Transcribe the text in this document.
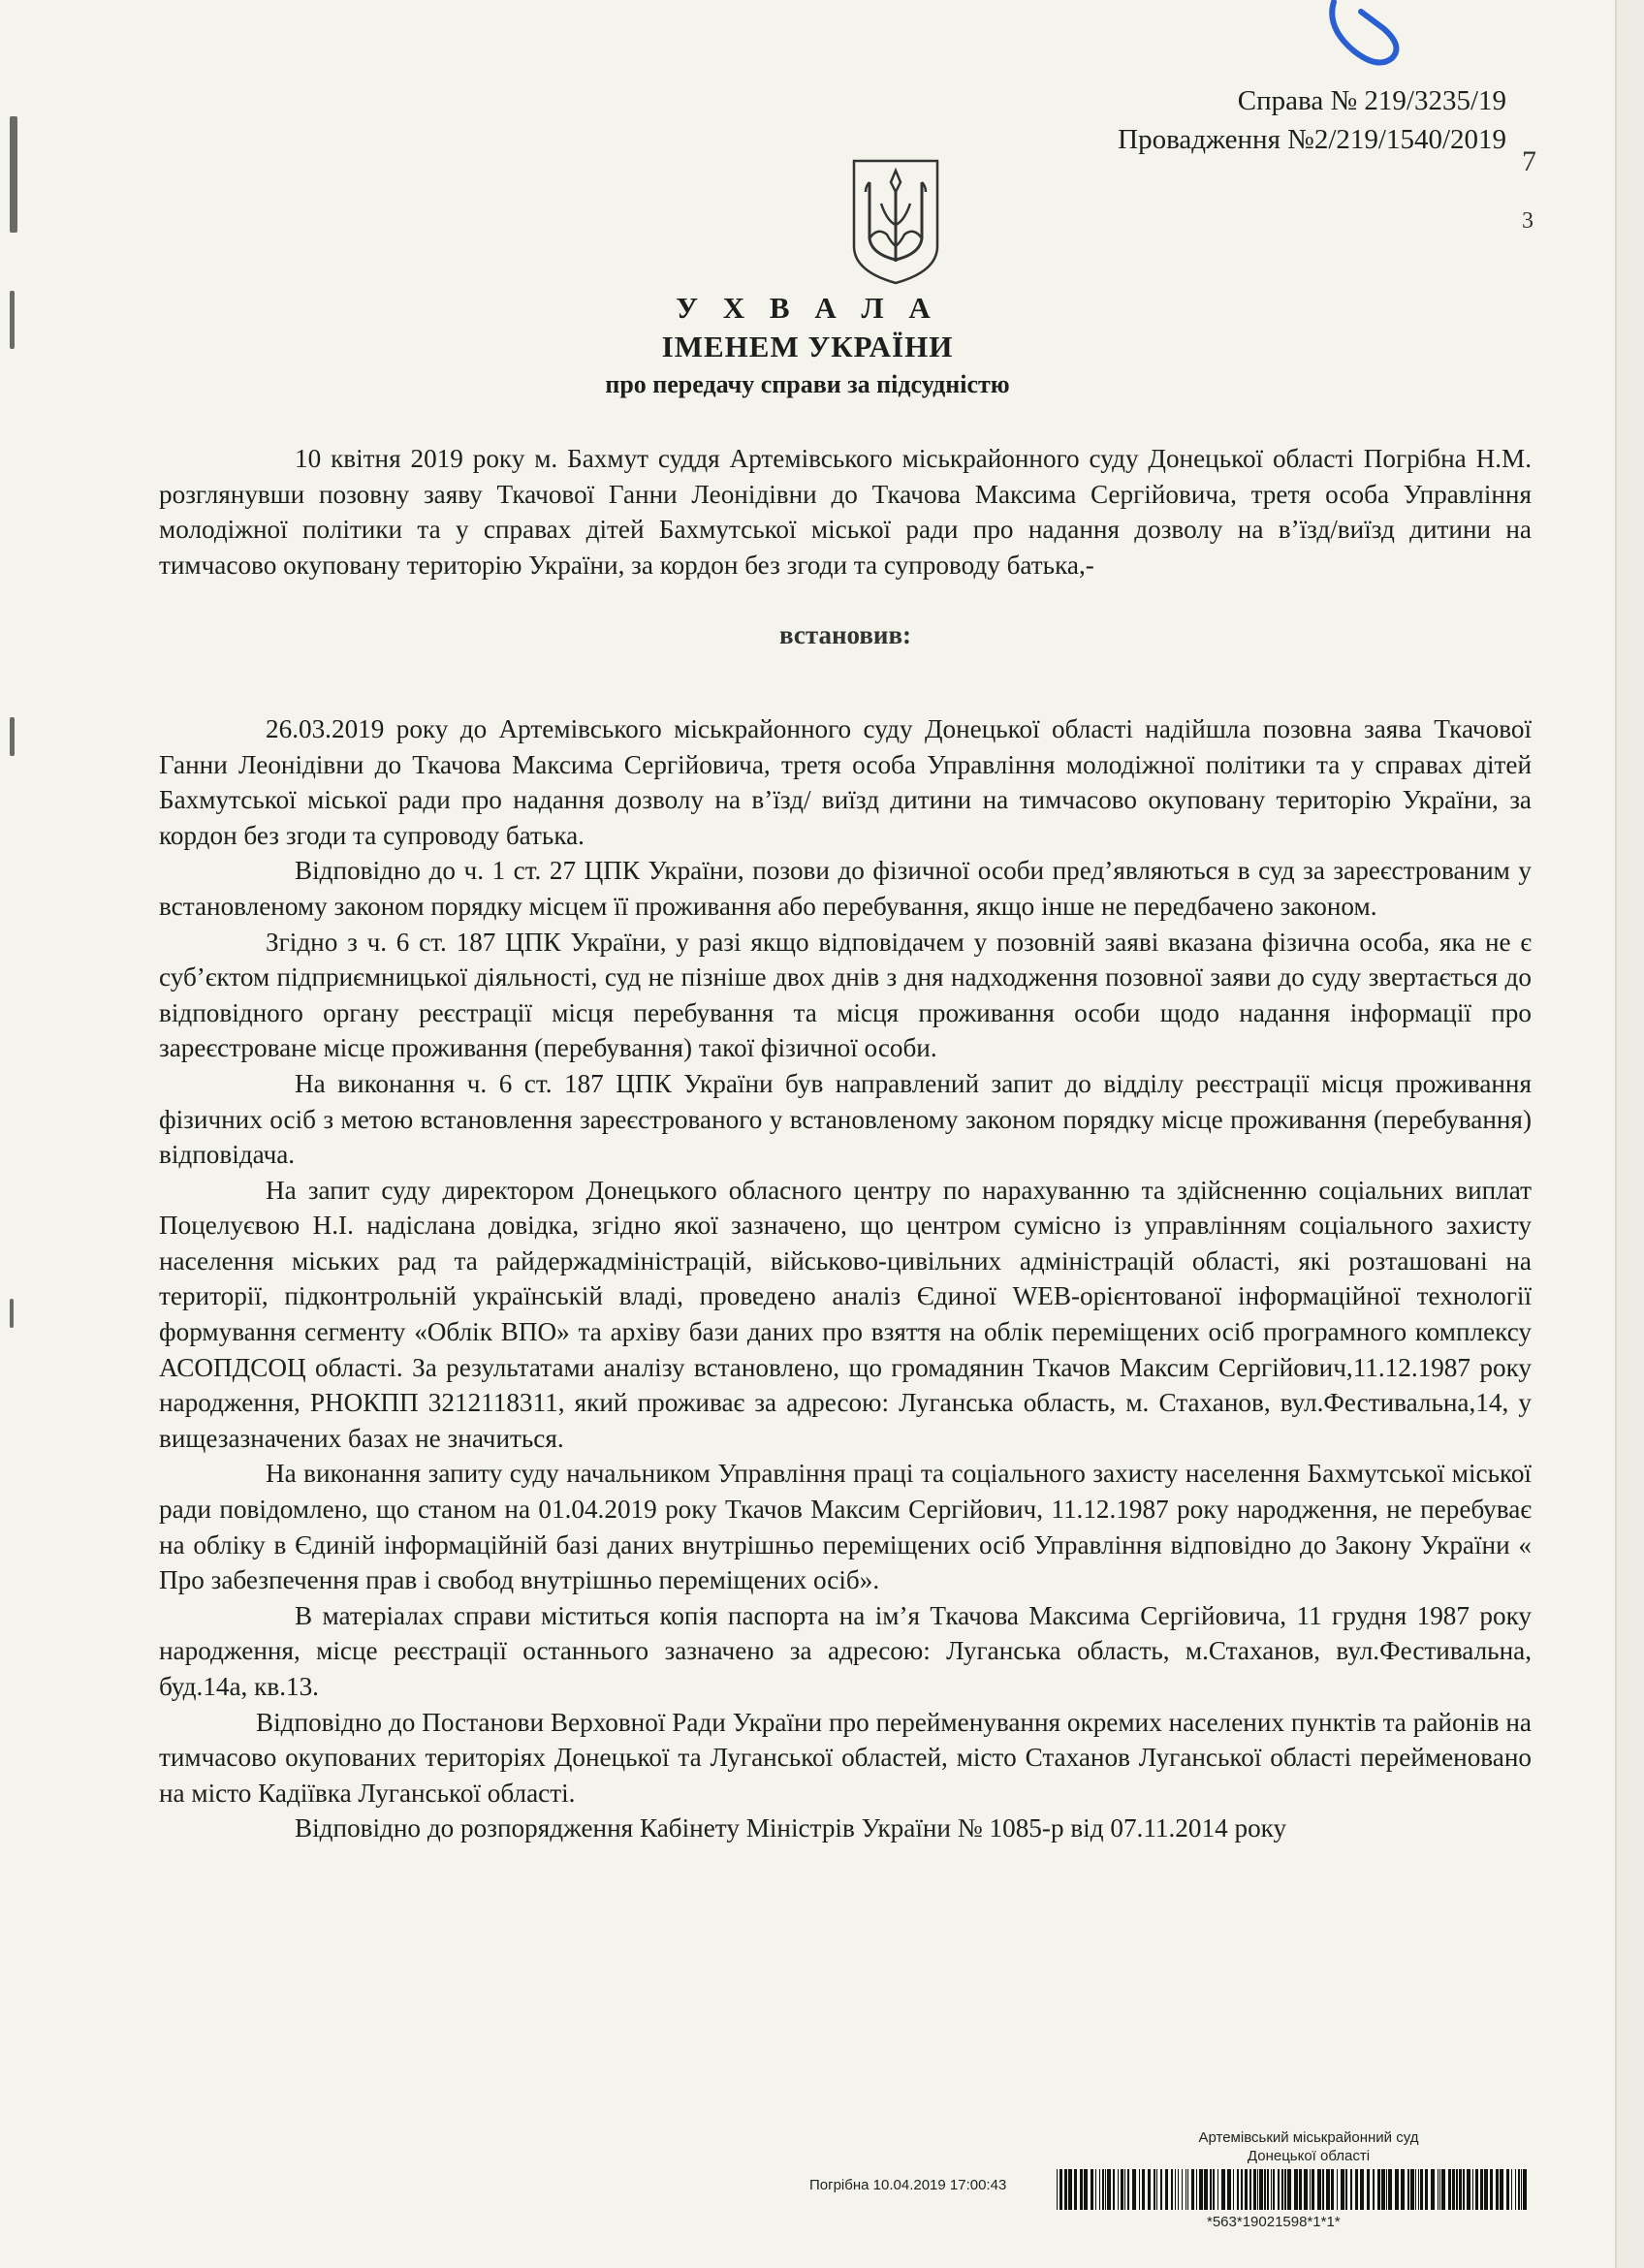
7
3
Справа № 219/3235/19
Провадження №2/219/1540/2019
У Х В А Л А
ІМЕНЕМ УКРАЇНИ
про передачу справи за підсудністю

10 квітня 2019 року м. Бахмут суддя Артемівського міськрайонного суду Донецької області Погрібна Н.М. розглянувши позовну заяву Ткачової Ганни Леонідівни до Ткачова Максима Сергійовича, третя особа Управління молодіжної політики та у справах дітей Бахмутської міської ради про надання дозволу на в’їзд/виїзд дитини на тимчасово окуповану територію України, за кордон без згоди та супроводу батька,-

встановив:

26.03.2019 року до Артемівського міськрайонного суду Донецької області надійшла позовна заява Ткачової Ганни Леонідівни до Ткачова Максима Сергійовича, третя особа Управління молодіжної політики та у справах дітей Бахмутської міської ради про надання дозволу на в’їзд/ виїзд дитини на тимчасово окуповану територію України, за кордон без згоди та супроводу батька.

Відповідно до ч. 1 ст. 27 ЦПК України, позови до фізичної особи пред’являються в суд за зареєстрованим у встановленому законом порядку місцем її проживання або перебування, якщо інше не передбачено законом.

Згідно з ч. 6 ст. 187 ЦПК України, у разі якщо відповідачем у позовній заяві вказана фізична особа, яка не є суб’єктом підприємницької діяльності, суд не пізніше двох днів з дня надходження позовної заяви до суду звертається до відповідного органу реєстрації місця перебування та місця проживання особи щодо надання інформації про зареєстроване місце проживання (перебування) такої фізичної особи.

На виконання ч. 6 ст. 187 ЦПК України був направлений запит до відділу реєстрації місця проживання фізичних осіб з метою встановлення зареєстрованого у встановленому законом порядку місце проживання (перебування) відповідача.

На запит суду директором Донецького обласного центру по нарахуванню та здійсненню соціальних виплат Поцелуєвою Н.І. надіслана довідка, згідно якої зазначено, що центром сумісно із управлінням соціального захисту населення міських рад та райдержадміністрацій, військово-цивільних адміністрацій області, які розташовані на території, підконтрольній українській владі, проведено аналіз Єдиної WEB-орієнтованої інформаційної технології формування сегменту «Облік ВПО» та архіву бази даних про взяття на облік переміщених осіб програмного комплексу АСОПДСОЦ області. За результатами аналізу встановлено, що громадянин Ткачов Максим Сергійович,11.12.1987 року народження, РНОКПП 3212118311, який проживає за адресою: Луганська область, м. Стаханов, вул.Фестивальна,14, у вищезазначених базах не значиться.

На виконання запиту суду начальником Управління праці та соціального захисту населення Бахмутської міської ради повідомлено, що станом на 01.04.2019 року Ткачов Максим Сергійович, 11.12.1987 року народження, не перебуває на обліку в Єдиній інформаційній базі даних внутрішньо переміщених осіб Управління відповідно до Закону України « Про забезпечення прав і свобод внутрішньо переміщених осіб».

В матеріалах справи міститься копія паспорта на ім’я Ткачова Максима Сергійовича, 11 грудня 1987 року народження, місце реєстрації останнього зазначено за адресою: Луганська область, м.Стаханов, вул.Фестивальна, буд.14а, кв.13.

Відповідно до Постанови Верховної Ради України про перейменування окремих населених пунктів та районів на тимчасово окупованих територіях Донецької та Луганської областей, місто Стаханов Луганської області перейменовано на місто Кадіївка Луганської області.

Відповідно до розпорядження Кабінету Міністрів України № 1085-р від 07.11.2014 року

Артемівський міськрайонний суд
Донецької області
Погрібна 10.04.2019 17:00:43
*563*19021598*1*1*
